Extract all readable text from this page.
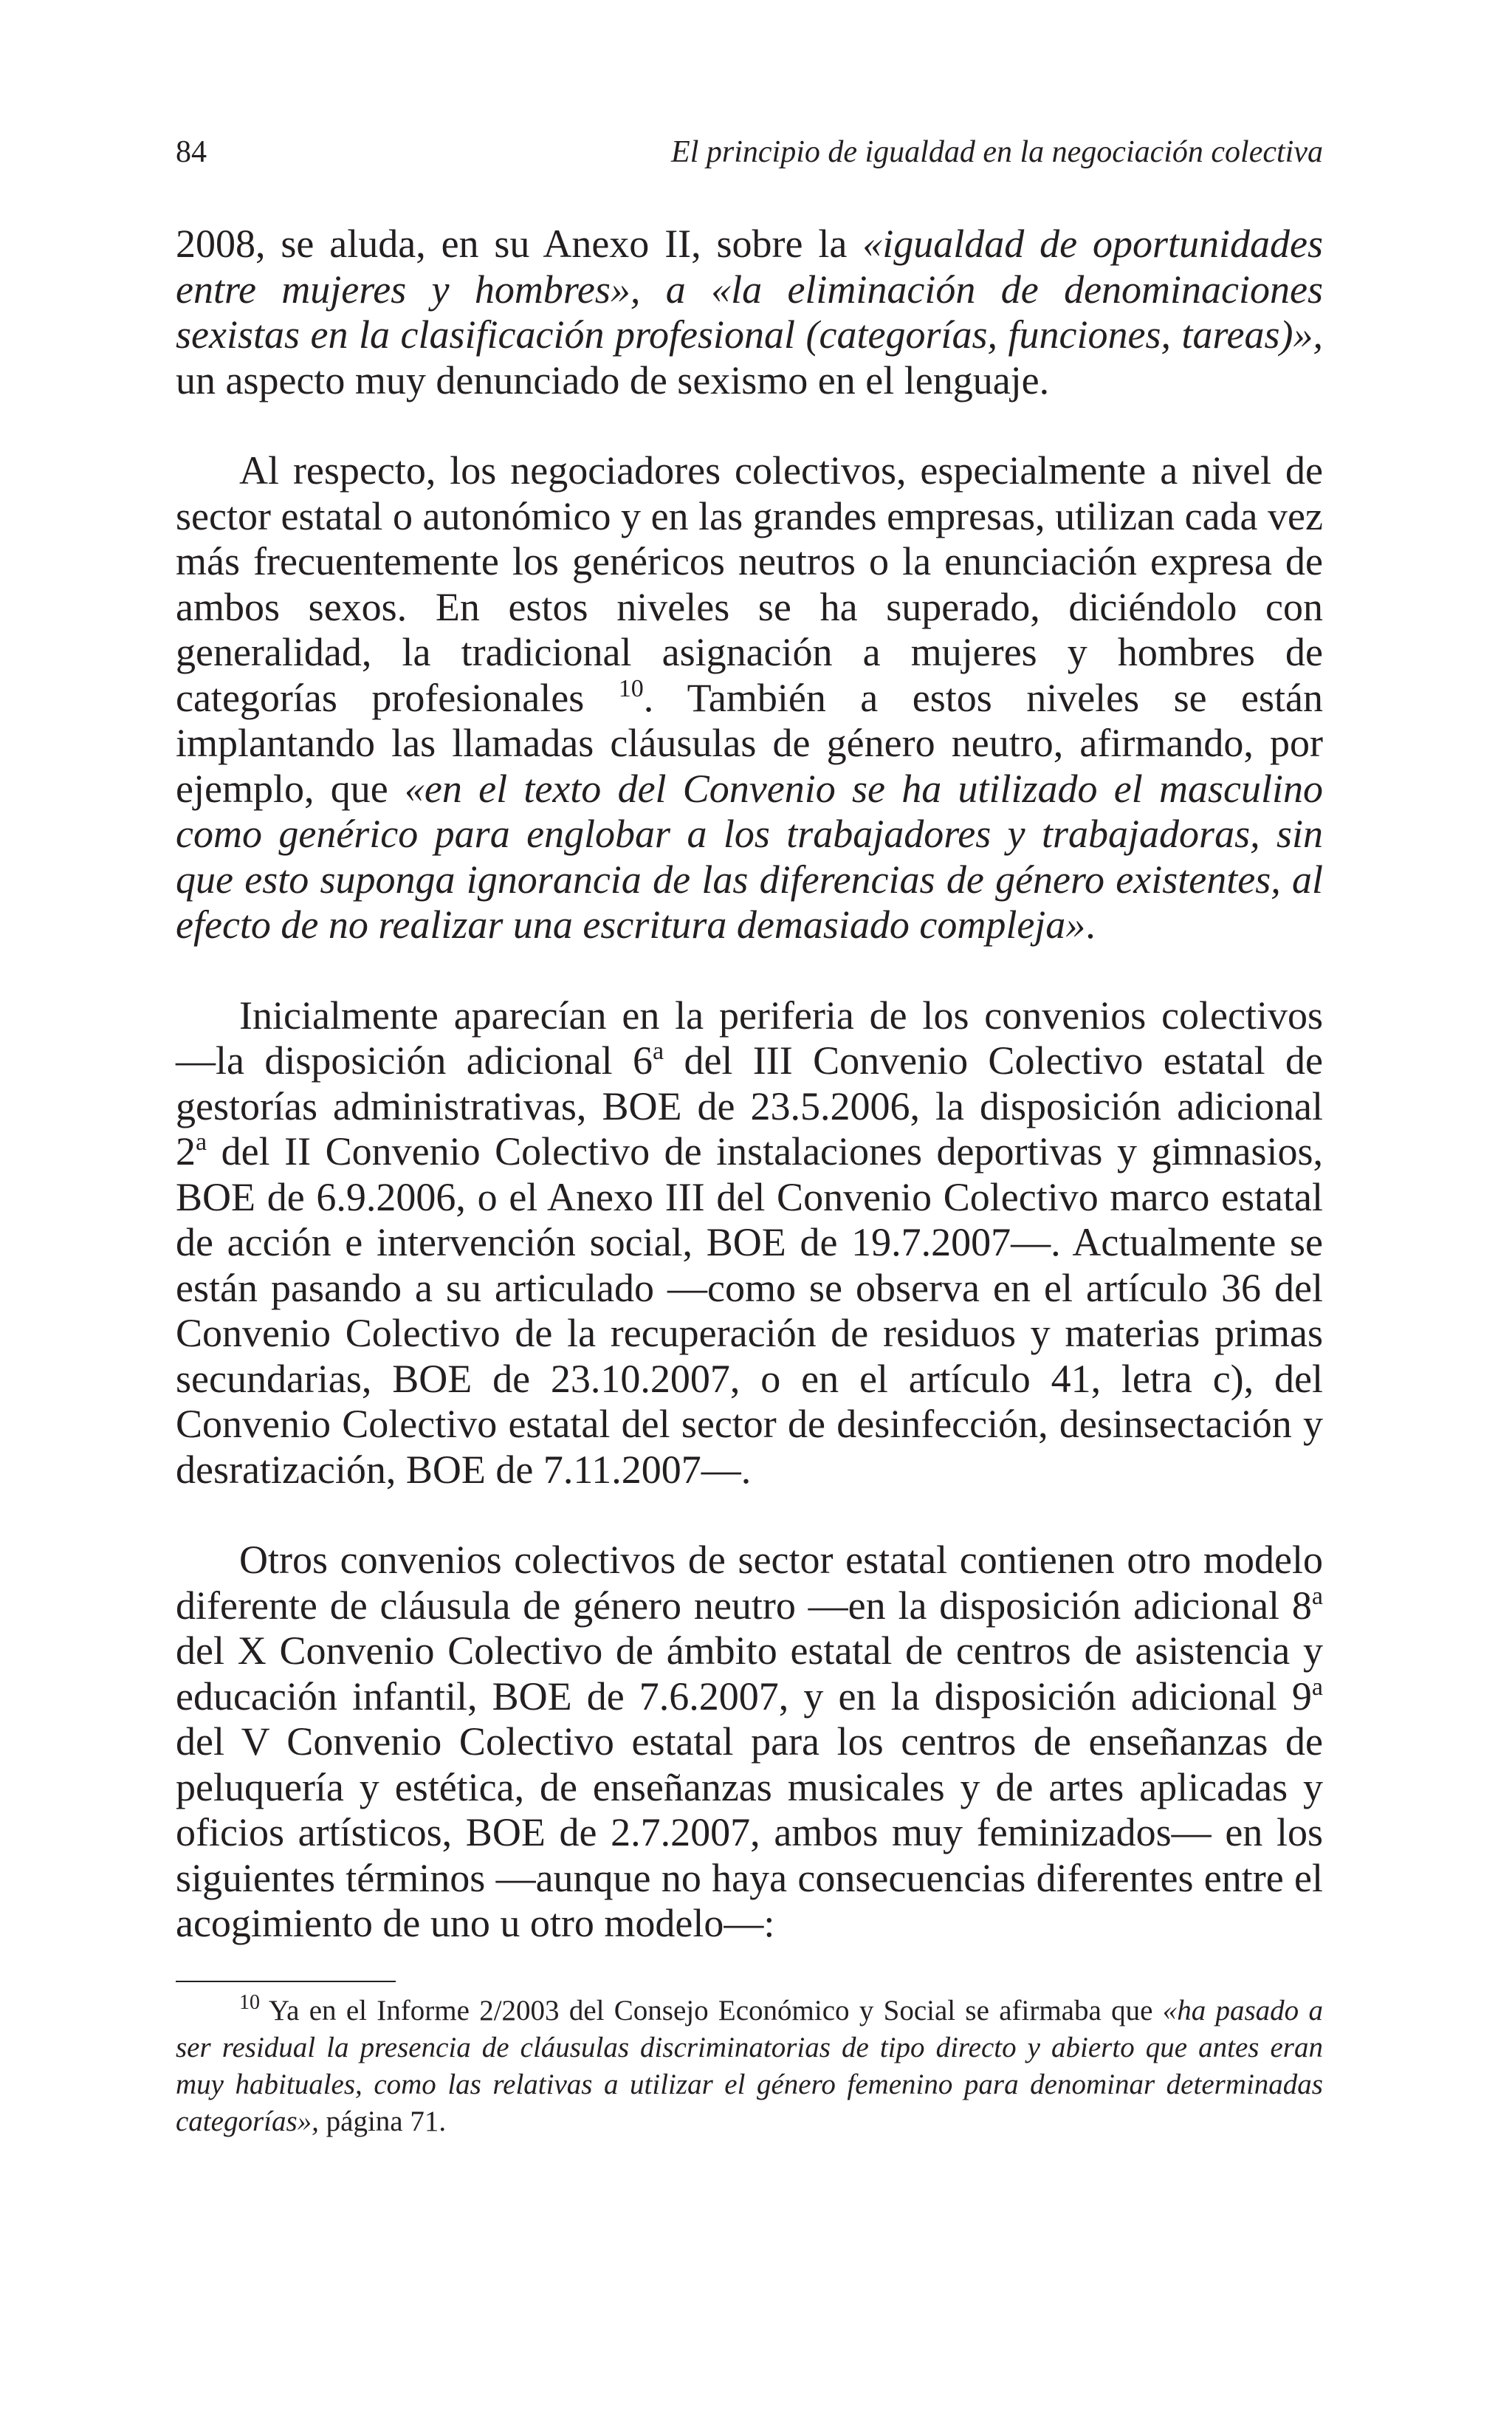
84	El principio de igualdad en la negociación colectiva

2008, se aluda, en su Anexo II, sobre la «igualdad de oportunidades entre mujeres y hombres», a «la eliminación de denominaciones sexistas en la clasificación profesional (categorías, funciones, tareas)», un aspecto muy denunciado de sexismo en el lenguaje.

Al respecto, los negociadores colectivos, especialmente a nivel de sector estatal o autonómico y en las grandes empresas, utilizan cada vez más frecuentemente los genéricos neutros o la enunciación expresa de ambos sexos. En estos niveles se ha superado, diciéndolo con generalidad, la tradicional asignación a mujeres y hombres de categorías profesionales $^{10}$. También a estos niveles se están implantando las llamadas cláusulas de género neutro, afirmando, por ejemplo, que «en el texto del Convenio se ha utilizado el masculino como genérico para englobar a los trabajadores y trabajadoras, sin que esto suponga ignorancia de las diferencias de género existentes, al efecto de no realizar una escritura demasiado compleja».

Inicialmente aparecían en la periferia de los convenios colectivos —la disposición adicional 6$^a$ del III Convenio Colectivo estatal de gestorías administrativas, BOE de 23.5.2006, la disposición adicional 2$^a$ del II Convenio Colectivo de instalaciones deportivas y gimnasios, BOE de 6.9.2006, o el Anexo III del Convenio Colectivo marco estatal de acción e intervención social, BOE de 19.7.2007—. Actualmente se están pasando a su articulado —como se observa en el artículo 36 del Convenio Colectivo de la recuperación de residuos y materias primas secundarias, BOE de 23.10.2007, o en el artículo 41, letra c), del Convenio Colectivo estatal del sector de desinfección, desinsectación y desratización, BOE de 7.11.2007—.

Otros convenios colectivos de sector estatal contienen otro modelo diferente de cláusula de género neutro —en la disposición adicional 8$^a$ del X Convenio Colectivo de ámbito estatal de centros de asistencia y educación infantil, BOE de 7.6.2007, y en la disposición adicional 9$^a$ del V Convenio Colectivo estatal para los centros de enseñanzas de peluquería y estética, de enseñanzas musicales y de artes aplicadas y oficios artísticos, BOE de 2.7.2007, ambos muy feminizados— en los siguientes términos —aunque no haya consecuencias diferentes entre el acogimiento de uno u otro modelo—:

$^{10}$ Ya en el Informe 2/2003 del Consejo Económico y Social se afirmaba que «ha pasado a ser residual la presencia de cláusulas discriminatorias de tipo directo y abierto que antes eran muy habituales, como las relativas a utilizar el género femenino para denominar determinadas categorías», página 71.
